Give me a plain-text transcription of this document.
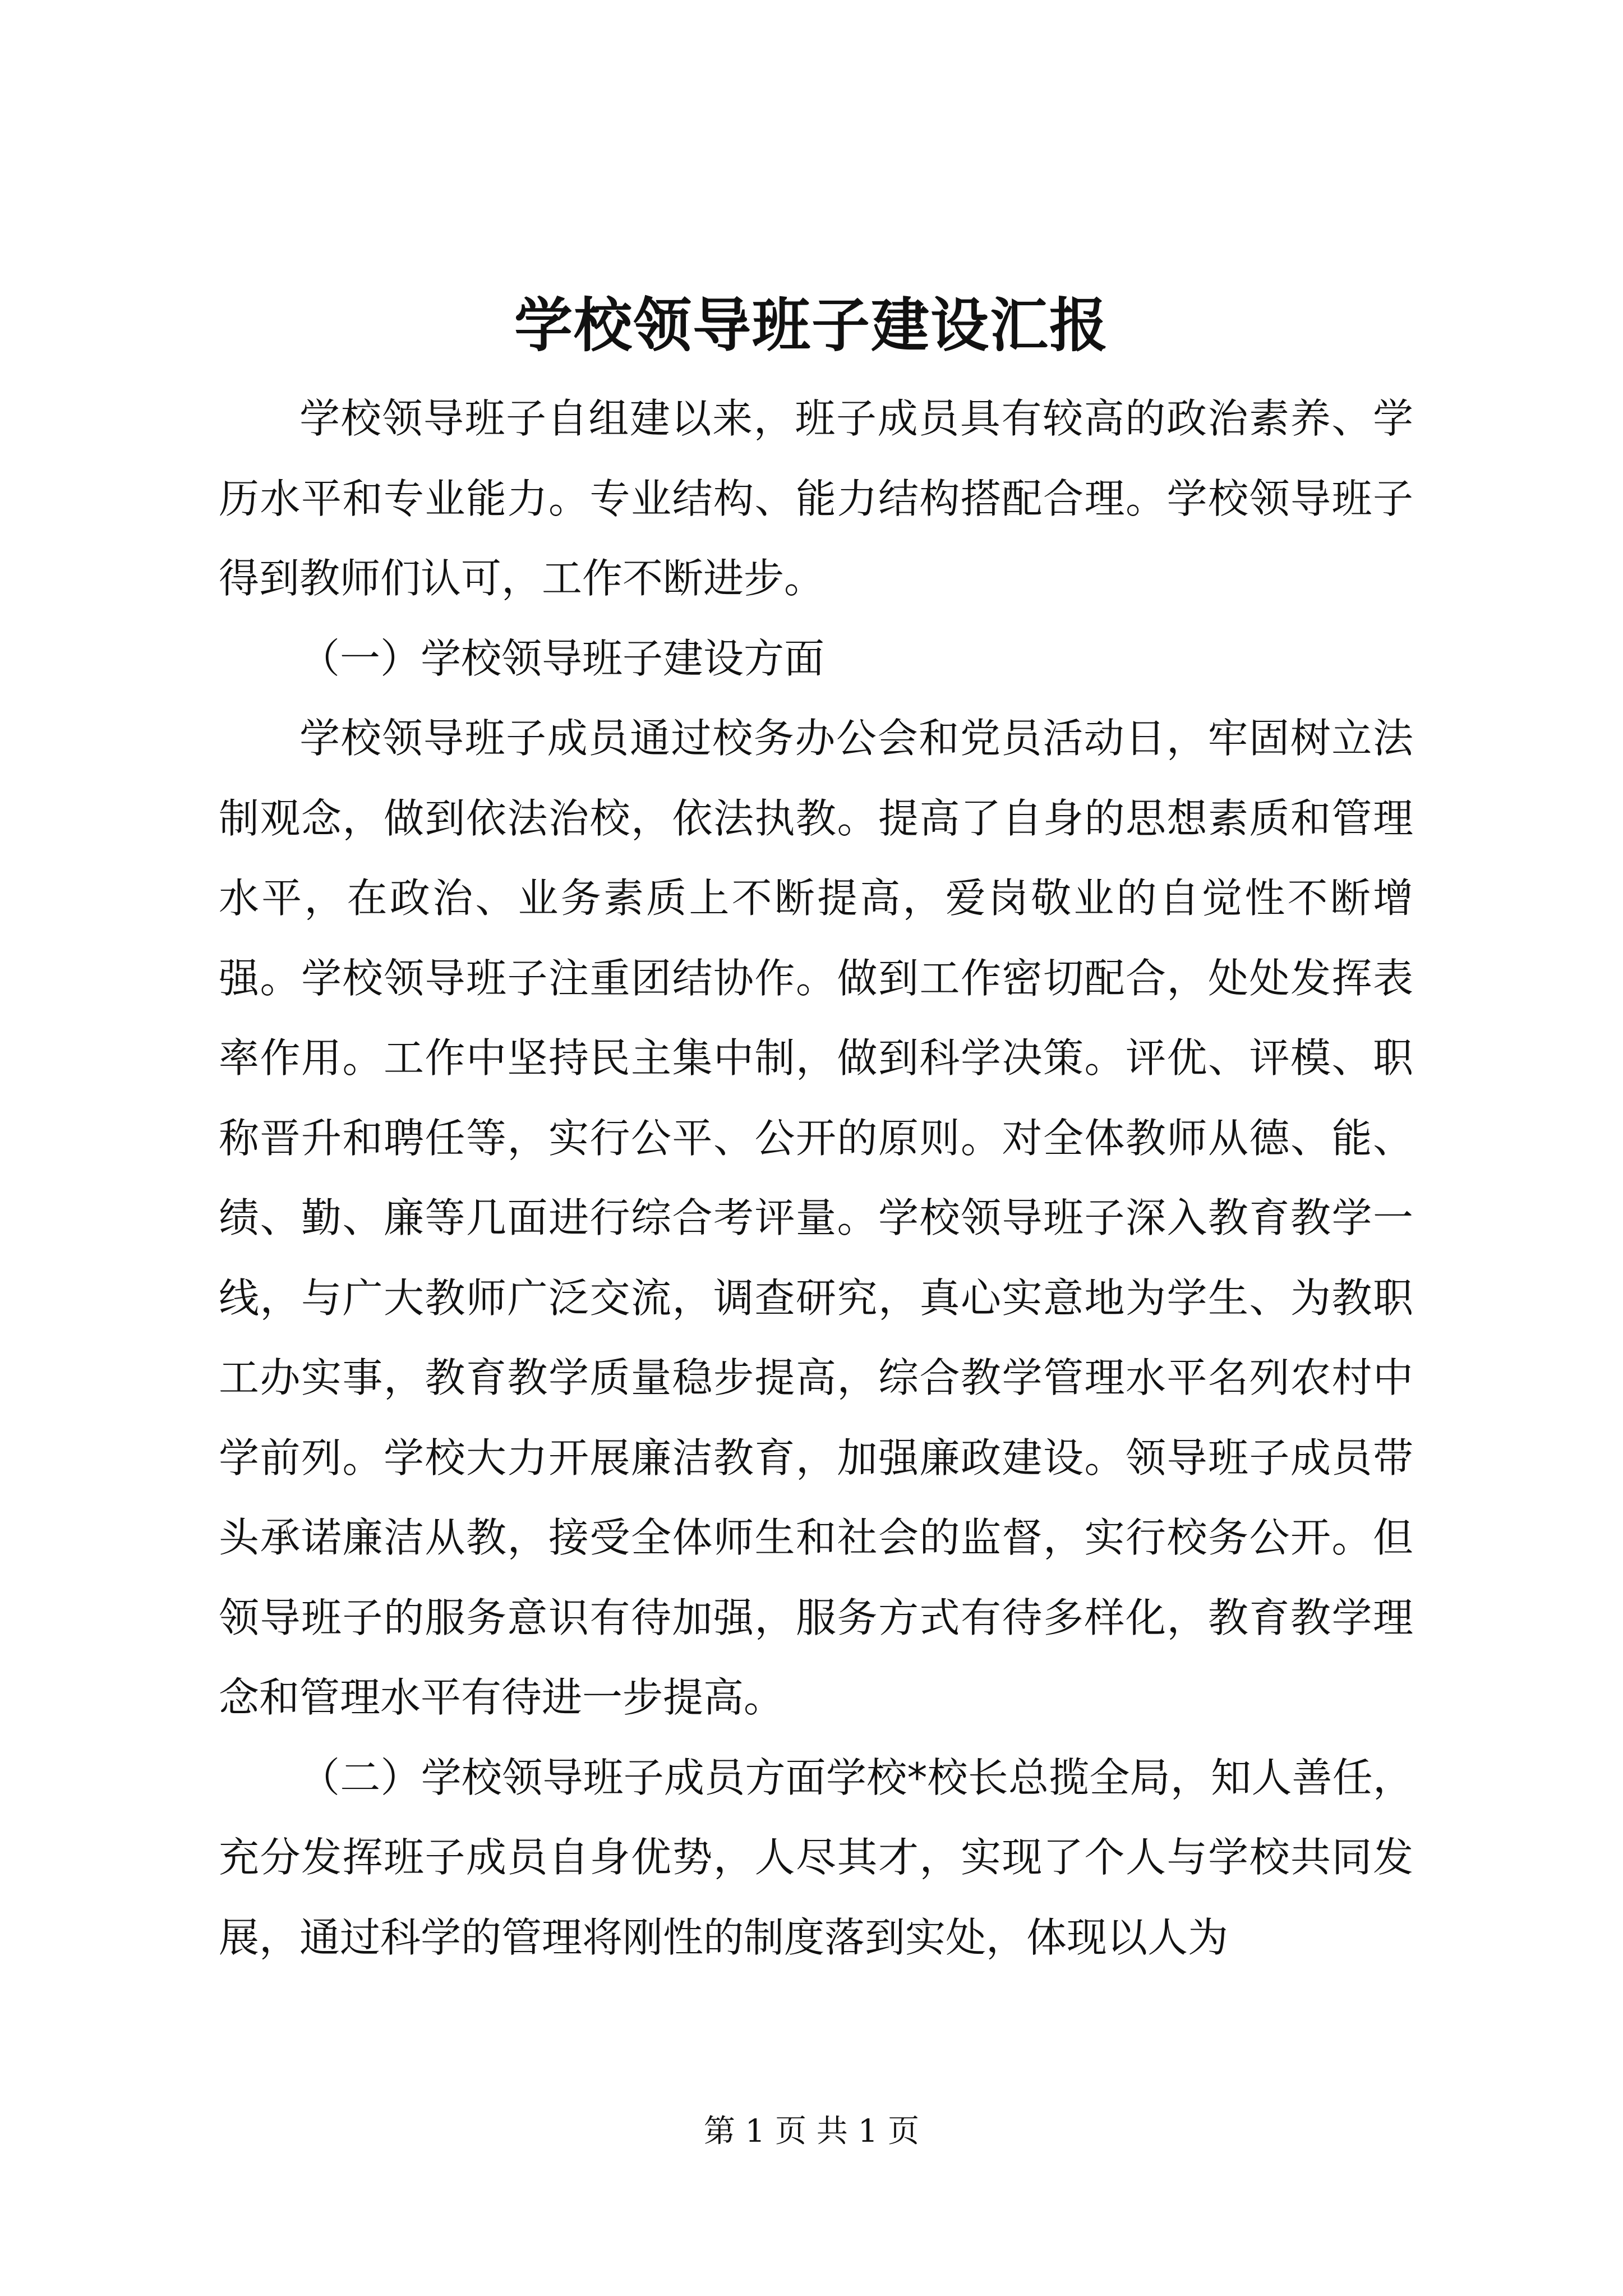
学校领导班子建设汇报

学校领导班子自组建以来，班子成员具有较高的政治素养、学历水平和专业能力。专业结构、能力结构搭配合理。学校领导班子得到教师们认可，工作不断进步。

（一）学校领导班子建设方面

学校领导班子成员通过校务办公会和党员活动日，牢固树立法制观念，做到依法治校，依法执教。提高了自身的思想素质和管理水平，在政治、业务素质上不断提高，爱岗敬业的自觉性不断增强。学校领导班子注重团结协作。做到工作密切配合，处处发挥表率作用。工作中坚持民主集中制，做到科学决策。评优、评模、职称晋升和聘任等，实行公平、公开的原则。对全体教师从德、能、绩、勤、廉等几面进行综合考评量。学校领导班子深入教育教学一线，与广大教师广泛交流，调查研究，真心实意地为学生、为教职工办实事，教育教学质量稳步提高，综合教学管理水平名列农村中学前列。学校大力开展廉洁教育，加强廉政建设。领导班子成员带头承诺廉洁从教，接受全体师生和社会的监督，实行校务公开。但领导班子的服务意识有待加强，服务方式有待多样化，教育教学理念和管理水平有待进一步提高。

（二）学校领导班子成员方面学校*校长总揽全局，知人善任，充分发挥班子成员自身优势，人尽其才，实现了个人与学校共同发展，通过科学的管理将刚性的制度落到实处，体现以人为

第 1 页 共 1 页
